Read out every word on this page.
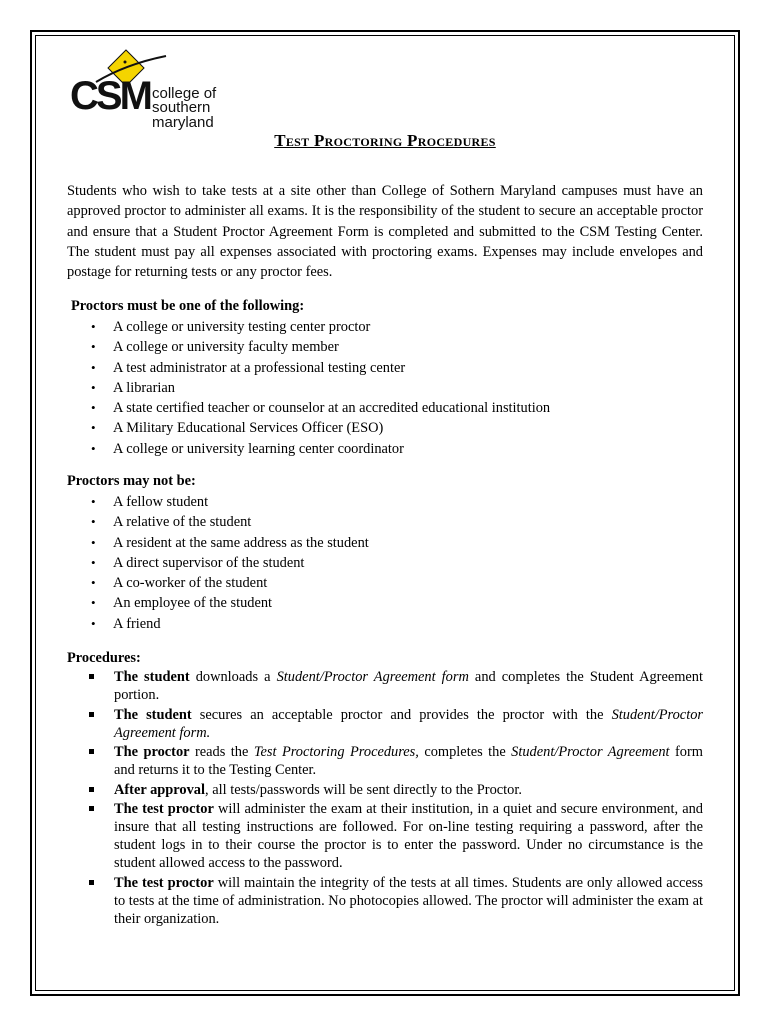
CSM college of
southern maryland
Test Proctoring Procedures

Students who wish to take tests at a site other than College of Sothern Maryland campuses must have an approved proctor to administer all exams. It is the responsibility of the student to secure an acceptable proctor and ensure that a Student Proctor Agreement Form is completed and submitted to the CSM Testing Center. The student must pay all expenses associated with proctoring exams. Expenses may include envelopes and postage for returning tests or any proctor fees.

Proctors must be one of the following:

• A college or university testing center proctor
• A college or university faculty member
• A test administrator at a professional testing center
• A librarian
• A state certified teacher or counselor at an accredited educational institution
• A Military Educational Services Officer (ESO)
• A college or university learning center coordinator

Proctors may not be:

• A fellow student
• A relative of the student
• A resident at the same address as the student
• A direct supervisor of the student
• A co-worker of the student
• An employee of the student
• A friend

Procedures:

The student downloads a Student/Proctor Agreement form and completes the Student Agreement portion.
The student secures an acceptable proctor and provides the proctor with the Student/Proctor Agreement form.
The proctor reads the Test Proctoring Procedures, completes the Student/Proctor Agreement form and returns it to the Testing Center.
After approval, all tests/passwords will be sent directly to the Proctor.
The test proctor will administer the exam at their institution, in a quiet and secure environment, and insure that all testing instructions are followed. For on-line testing requiring a password, after the student logs in to their course the proctor is to enter the password. Under no circumstance is the student allowed access to the password.
The test proctor will maintain the integrity of the tests at all times. Students are only allowed access to tests at the time of administration. No photocopies allowed. The proctor will administer the exam at their organization.
